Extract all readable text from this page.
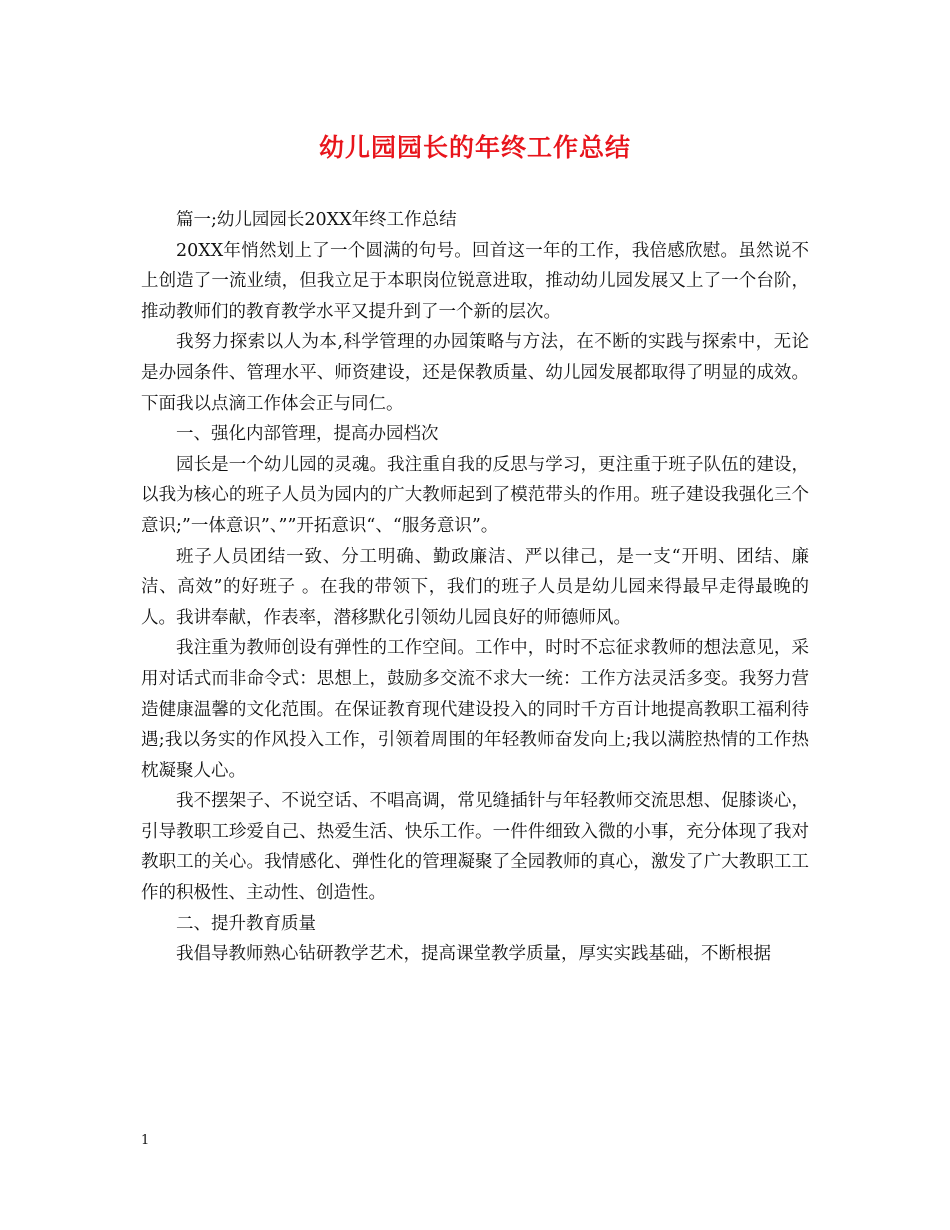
幼儿园园长的年终工作总结

篇一;幼儿园园长20XX年终工作总结

20XX年悄然划上了一个圆满的句号。回首这一年的工作，我倍感欣慰。虽然说不上创造了一流业绩，但我立足于本职岗位锐意进取，推动幼儿园发展又上了一个台阶，推动教师们的教育教学水平又提升到了一个新的层次。

我努力探索以人为本,科学管理的办园策略与方法，在不断的实践与探索中，无论是办园条件、管理水平、师资建设，还是保教质量、幼儿园发展都取得了明显的成效。下面我以点滴工作体会正与同仁。

一、强化内部管理，提高办园档次

园长是一个幼儿园的灵魂。我注重自我的反思与学习，更注重于班子队伍的建设，以我为核心的班子人员为园内的广大教师起到了模范带头的作用。班子建设我强化三个意识;”一体意识”、””开拓意识“、“服务意识”。

班子人员团结一致、分工明确、勤政廉洁、严以律己，是一支“开明、团结、廉洁、高效”的好班子 。在我的带领下，我们的班子人员是幼儿园来得最早走得最晚的人。我讲奉献，作表率，潜移默化引领幼儿园良好的师德师风。

我注重为教师创设有弹性的工作空间。工作中，时时不忘征求教师的想法意见，采用对话式而非命令式：思想上，鼓励多交流不求大一统：工作方法灵活多变。我努力营造健康温馨的文化范围。在保证教育现代建设投入的同时千方百计地提高教职工福利待遇;我以务实的作风投入工作，引领着周围的年轻教师奋发向上;我以满腔热情的工作热枕凝聚人心。

我不摆架子、不说空话、不唱高调，常见缝插针与年轻教师交流思想、促膝谈心，引导教职工珍爱自己、热爱生活、快乐工作。一件件细致入微的小事，充分体现了我对教职工的关心。我情感化、弹性化的管理凝聚了全园教师的真心，激发了广大教职工工作的积极性、主动性、创造性。

二、提升教育质量

我倡导教师熟心钻研教学艺术，提高课堂教学质量，厚实实践基础，不断根据

1
